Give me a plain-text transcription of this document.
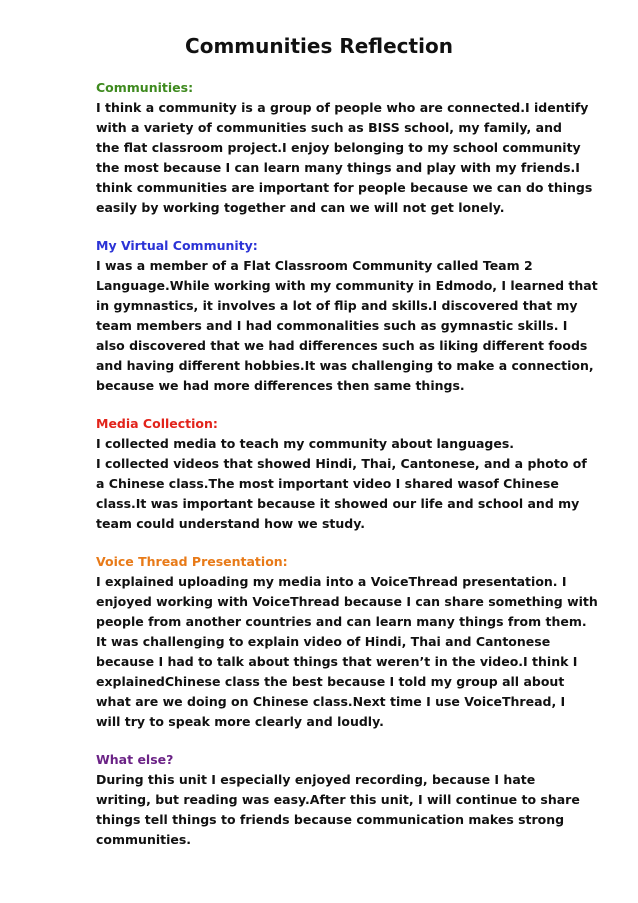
Communities Reflection

Communities:

I think a community is a group of people who are connected.I identify

with a variety of communities such as BISS school, my family, and

the flat classroom project.I enjoy belonging to my school community

the most because I can learn many things and play with my friends.I

think communities are important for people because we can do things

easily by working together and can we will not get lonely.

My Virtual Community:

I was a member of a Flat Classroom Community called Team 2

Language.While working with my community in Edmodo, I learned that

in gymnastics, it involves a lot of flip and skills.I discovered that my

team members and I had commonalities such as gymnastic skills. I

also discovered that we had differences such as liking different foods

and having different hobbies.It was challenging to make a connection,

because we had more differences then same things.

Media Collection:

I collected media to teach my community about languages.

I collected videos that showed Hindi, Thai, Cantonese, and a photo of

a Chinese class.The most important video I shared wasof Chinese

class.It was important because it showed our life and school and my

team could understand how we study.

Voice Thread Presentation:

I explained uploading my media into a VoiceThread presentation. I

enjoyed working with VoiceThread because I can share something with

people from another countries and can learn many things from them.

It was challenging to explain video of Hindi, Thai and Cantonese

because I had to talk about things that weren’t in the video.I think I

explainedChinese class the best because I told my group all about

what are we doing on Chinese class.Next time I use VoiceThread, I

will try to speak more clearly and loudly.

What else?

During this unit I especially enjoyed recording, because I hate

writing, but reading was easy.After this unit, I will continue to share

things tell things to friends because communication makes strong

communities.
